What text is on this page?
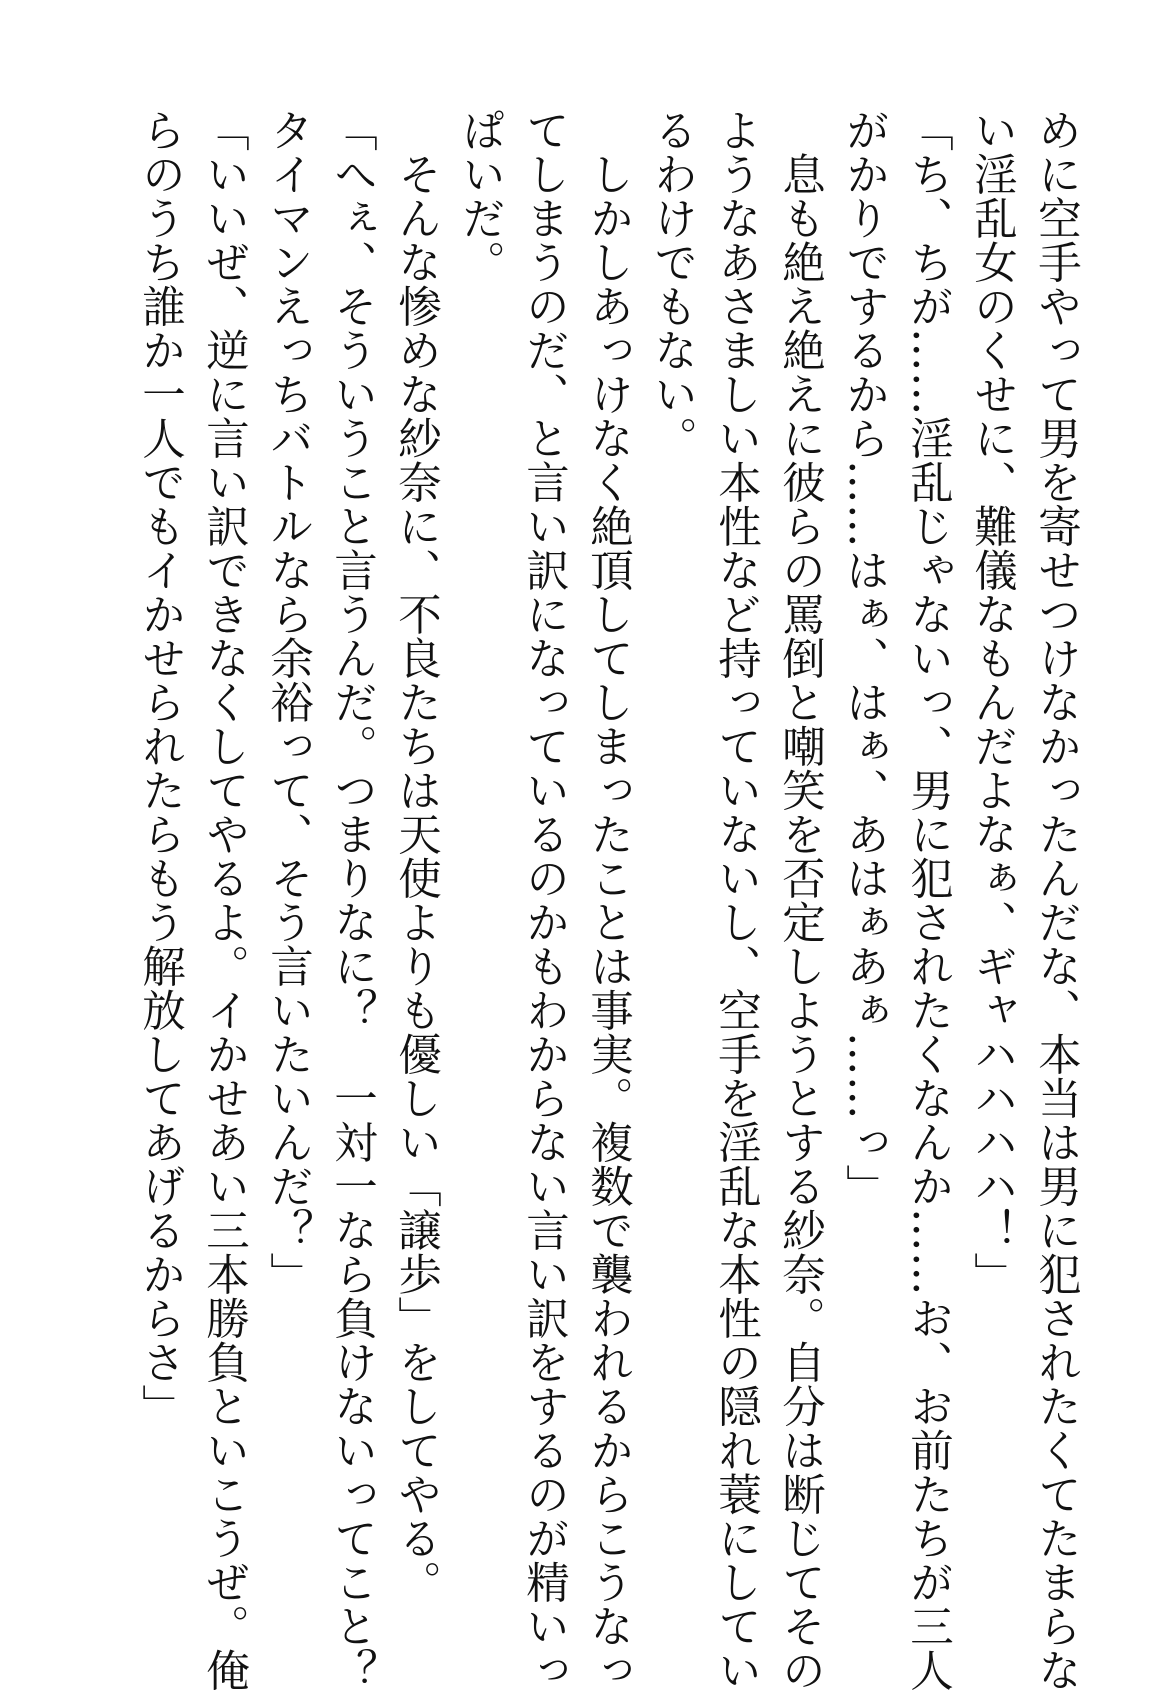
めに空手やって男を寄せつけなかったんだな、本当は男に犯されたくてたまらな

い淫乱女のくせに、難儀なもんだよなぁ、ギャハハハハ！」

「ち、ちが……淫乱じゃないっ、男に犯されたくなんか……お、お前たちが三人

がかりでするから……はぁ、はぁ、あはぁあぁ……っ」

　息も絶え絶えに彼らの罵倒と嘲笑を否定しようとする紗奈。自分は断じてその

ようなあさましい本性など持っていないし、空手を淫乱な本性の隠れ蓑にしてい

るわけでもない。

　しかしあっけなく絶頂してしまったことは事実。複数で襲われるからこうなっ

てしまうのだ、と言い訳になっているのかもわからない言い訳をするのが精いっ

ぱいだ。

　そんな惨めな紗奈に、不良たちは天使よりも優しい「譲歩」をしてやる。

「へぇ、そういうこと言うんだ。つまりなに？　一対一なら負けないってこと？

タイマンえっちバトルなら余裕って、そう言いたいんだ？」

「いいぜ、逆に言い訳できなくしてやるよ。イかせあい三本勝負といこうぜ。俺

らのうち誰か一人でもイかせられたらもう解放してあげるからさ」
